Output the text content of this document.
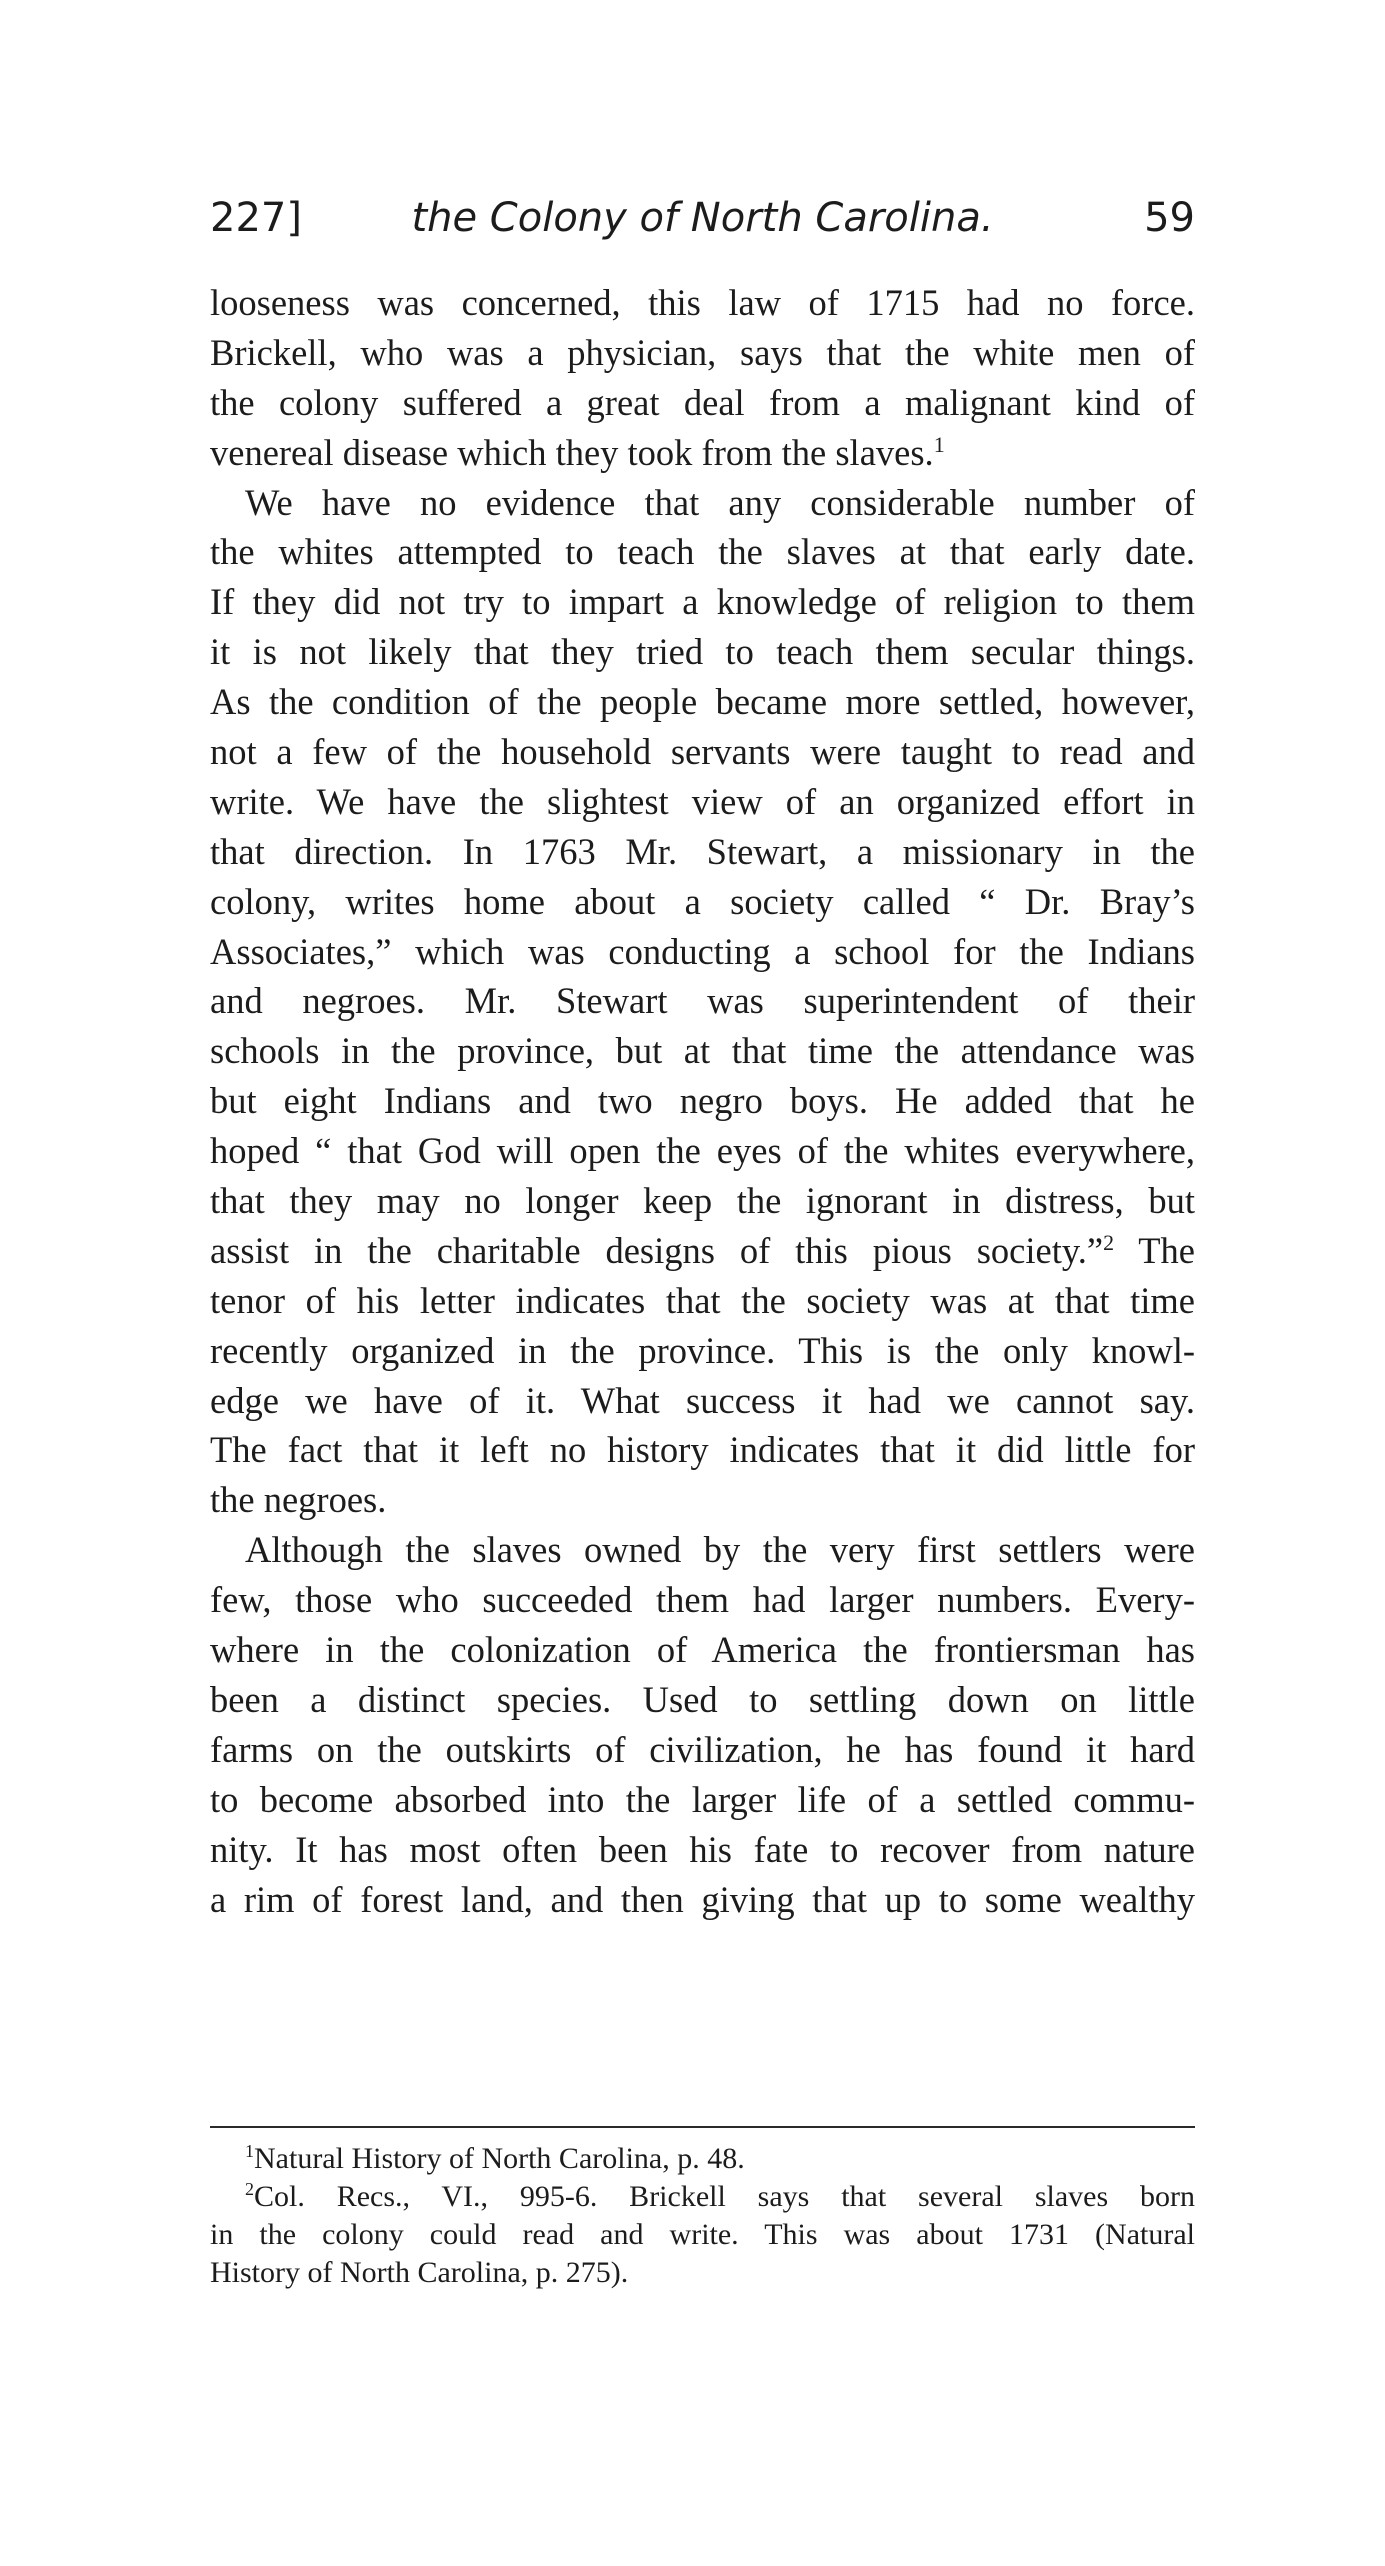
227]	the Colony of North Carolina.	59
looseness was concerned, this law of 1715 had no force.
Brickell, who was a physician, says that the white men of
the colony suffered a great deal from a malignant kind of
venereal disease which they took from the slaves.$^1$
We have no evidence that any considerable number of
the whites attempted to teach the slaves at that early date.
If they did not try to impart a knowledge of religion to them
it is not likely that they tried to teach them secular things.
As the condition of the people became more settled, however,
not a few of the household servants were taught to read and
write. We have the slightest view of an organized effort in
that direction. In 1763 Mr. Stewart, a missionary in the
colony, writes home about a society called “ Dr. Bray’s
Associates,” which was conducting a school for the Indians
and negroes. Mr. Stewart was superintendent of their
schools in the province, but at that time the attendance was
but eight Indians and two negro boys. He added that he
hoped “ that God will open the eyes of the whites everywhere,
that they may no longer keep the ignorant in distress, but
assist in the charitable designs of this pious society.”$^2$ The
tenor of his letter indicates that the society was at that time
recently organized in the province. This is the only knowl-
edge we have of it. What success it had we cannot say.
The fact that it left no history indicates that it did little for
the negroes.
Although the slaves owned by the very first settlers were
few, those who succeeded them had larger numbers. Every-
where in the colonization of America the frontiersman has
been a distinct species. Used to settling down on little
farms on the outskirts of civilization, he has found it hard
to become absorbed into the larger life of a settled commu-
nity. It has most often been his fate to recover from nature
a rim of forest land, and then giving that up to some wealthy
$^1$Natural History of North Carolina, p. 48.
$^2$Col. Recs., VI., 995-6. Brickell says that several slaves born
in the colony could read and write. This was about 1731 (Natural
History of North Carolina, p. 275).
